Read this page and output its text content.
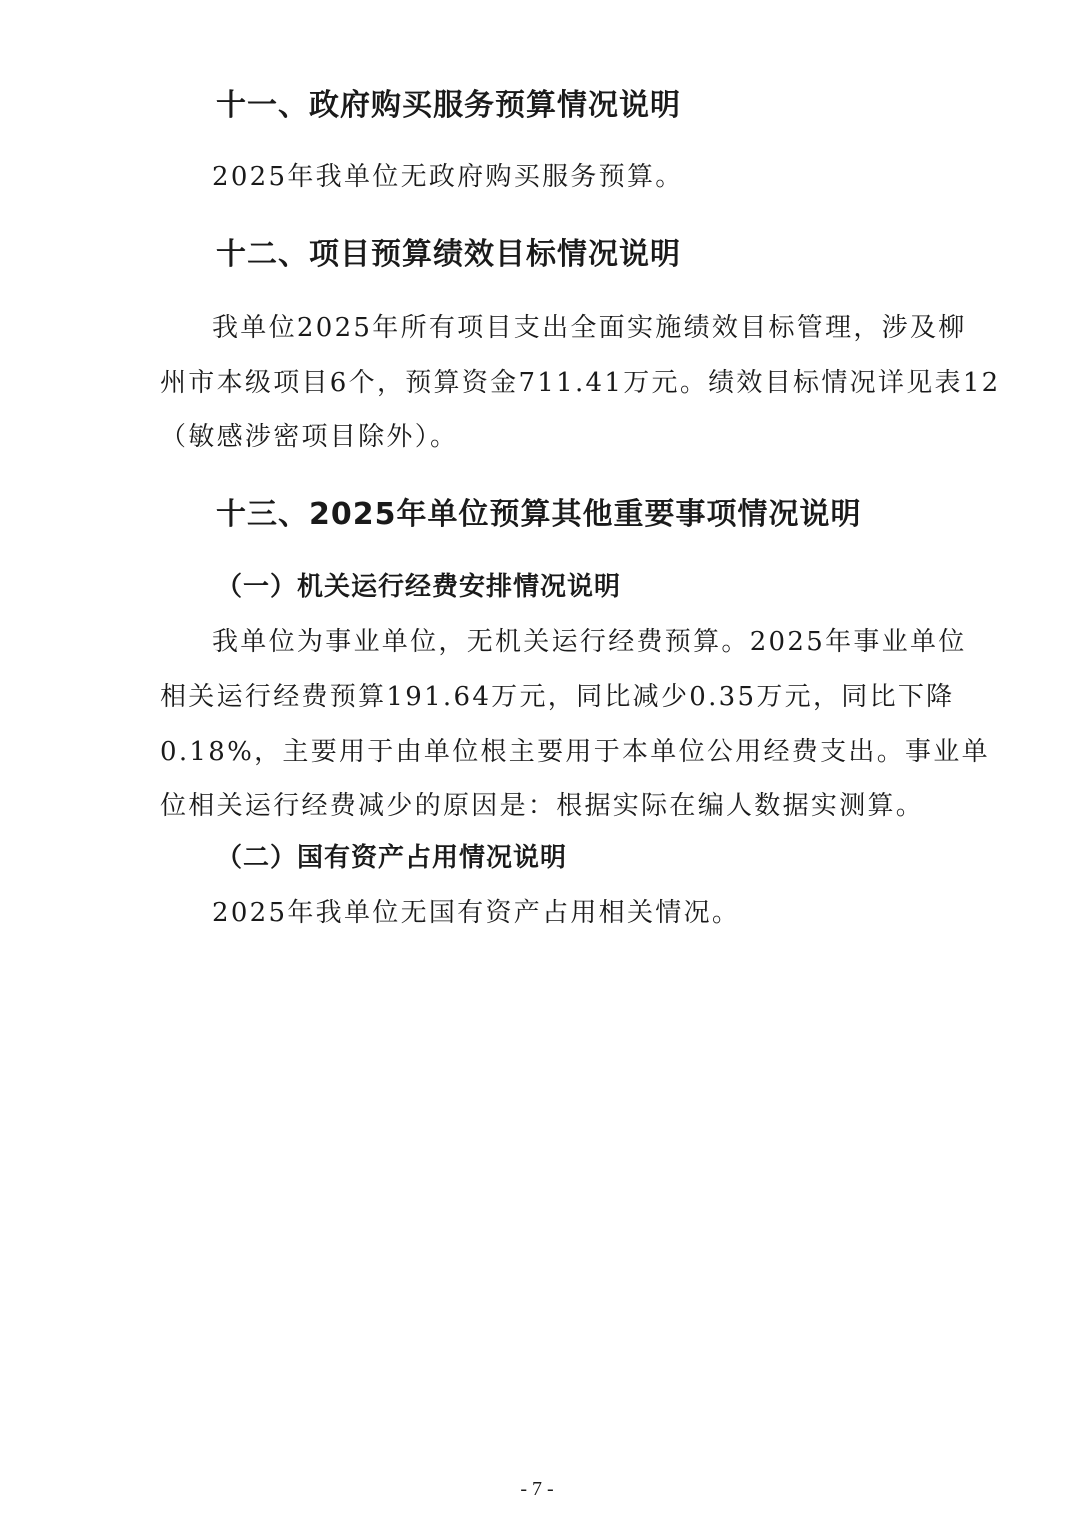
十一、政府购买服务预算情况说明
2025年我单位无政府购买服务预算。
十二、项目预算绩效目标情况说明
我单位2025年所有项目支出全面实施绩效目标管理，涉及柳
州市本级项目6个，预算资金711.41万元。绩效目标情况详见表12
（敏感涉密项目除外）。
十三、2025年单位预算其他重要事项情况说明
（一）机关运行经费安排情况说明
我单位为事业单位，无机关运行经费预算。2025年事业单位
相关运行经费预算191.64万元，同比减少0.35万元，同比下降
0.18%，主要用于由单位根主要用于本单位公用经费支出。事业单
位相关运行经费减少的原因是：根据实际在编人数据实测算。
（二）国有资产占用情况说明
2025年我单位无国有资产占用相关情况。
- 7 -
